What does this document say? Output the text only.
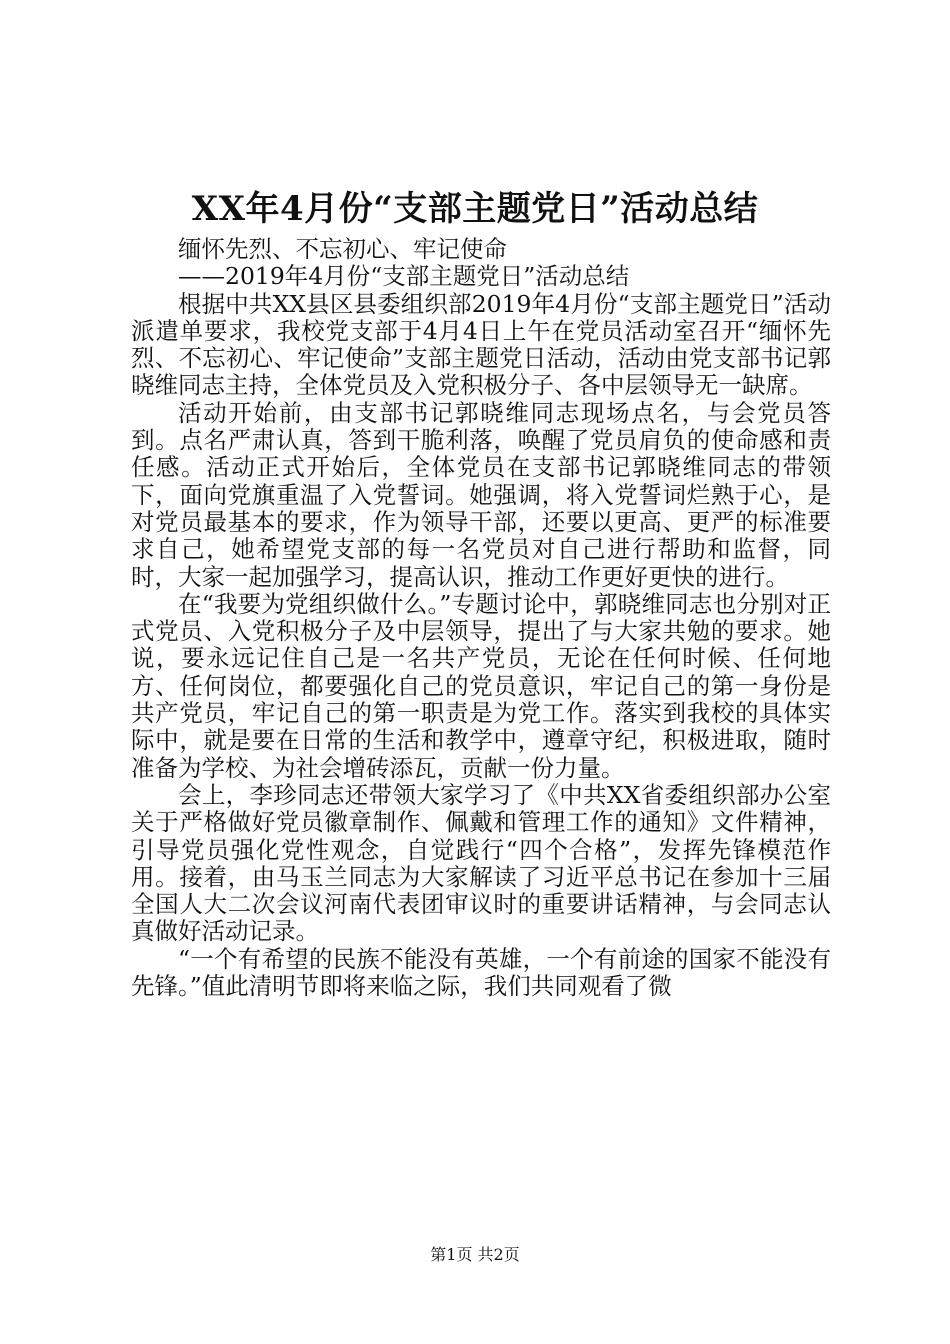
XX年4月份“支部主题党日”活动总结

缅怀先烈、不忘初心、牢记使命

——2019年4月份“支部主题党日”活动总结

根据中共XX县区县委组织部2019年4月份“支部主题党日”活动派遣单要求，我校党支部于4月4日上午在党员活动室召开“缅怀先烈、不忘初心、牢记使命”支部主题党日活动，活动由党支部书记郭晓维同志主持，全体党员及入党积极分子、各中层领导无一缺席。

活动开始前，由支部书记郭晓维同志现场点名，与会党员答到。点名严肃认真，答到干脆利落，唤醒了党员肩负的使命感和责任感。活动正式开始后，全体党员在支部书记郭晓维同志的带领下，面向党旗重温了入党誓词。她强调，将入党誓词烂熟于心，是对党员最基本的要求，作为领导干部，还要以更高、更严的标准要求自己，她希望党支部的每一名党员对自己进行帮助和监督，同时，大家一起加强学习，提高认识，推动工作更好更快的进行。

在“我要为党组织做什么。”专题讨论中，郭晓维同志也分别对正式党员、入党积极分子及中层领导，提出了与大家共勉的要求。她说，要永远记住自己是一名共产党员，无论在任何时候、任何地方、任何岗位，都要强化自己的党员意识，牢记自己的第一身份是共产党员，牢记自己的第一职责是为党工作。落实到我校的具体实际中，就是要在日常的生活和教学中，遵章守纪，积极进取，随时准备为学校、为社会增砖添瓦，贡献一份力量。

会上，李珍同志还带领大家学习了《中共XX省委组织部办公室关于严格做好党员徽章制作、佩戴和管理工作的通知》文件精神，引导党员强化党性观念，自觉践行“四个合格”，发挥先锋模范作用。接着，由马玉兰同志为大家解读了习近平总书记在参加十三届全国人大二次会议河南代表团审议时的重要讲话精神，与会同志认真做好活动记录。

“一个有希望的民族不能没有英雄，一个有前途的国家不能没有先锋。”值此清明节即将来临之际，我们共同观看了微

第1页 共2页
